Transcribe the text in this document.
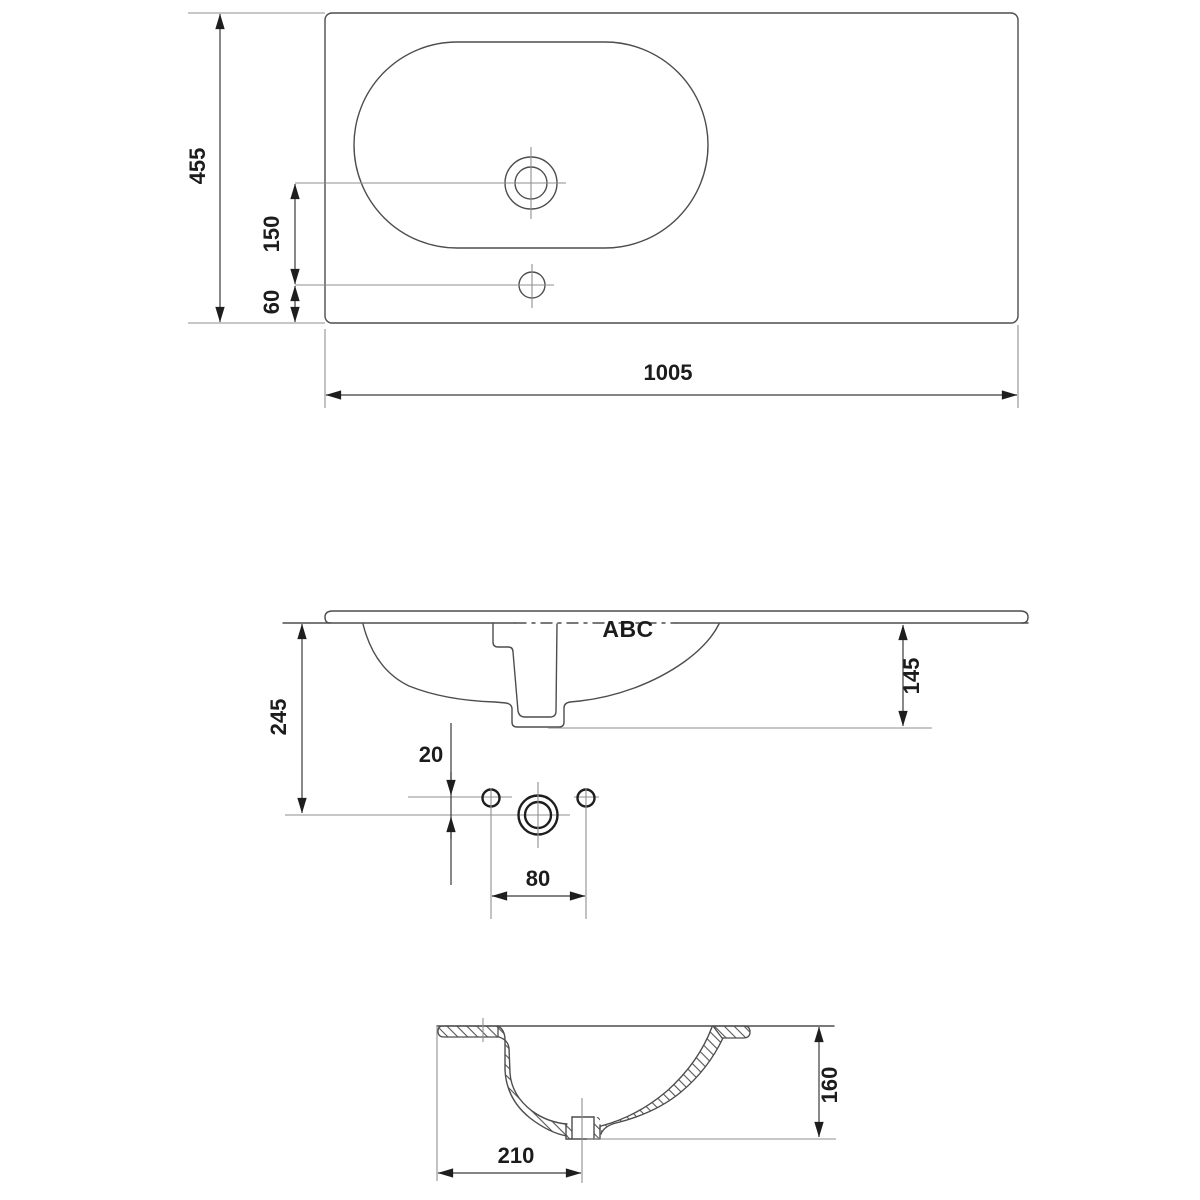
455
150
60
1005
ABC
245
145
20
80
210
160
